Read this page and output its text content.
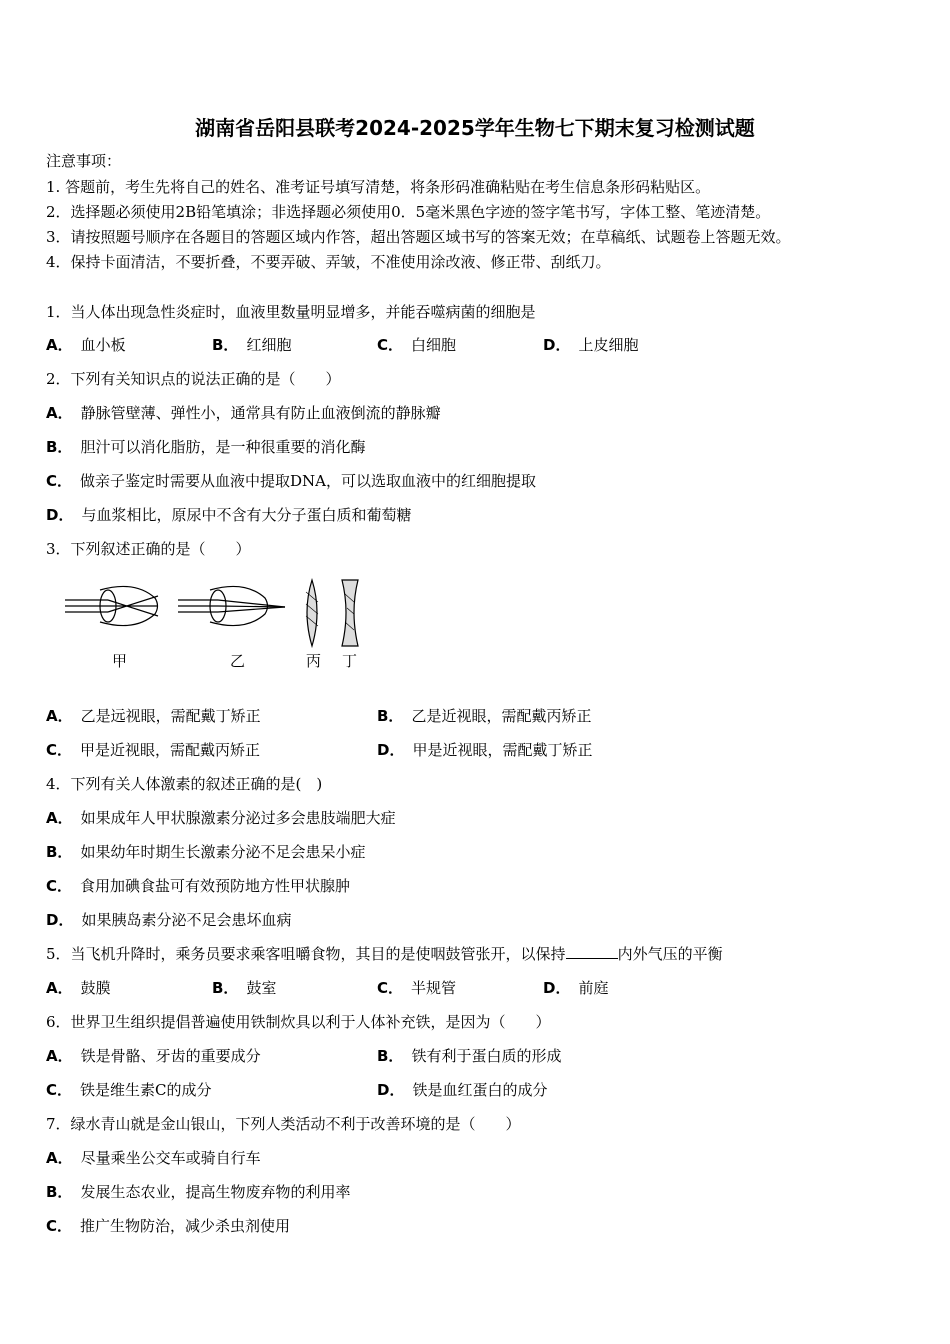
湖南省岳阳县联考2024-2025学年生物七下期末复习检测试题
注意事项：
1. 答题前，考生先将自己的姓名、准考证号填写清楚，将条形码准确粘贴在考生信息条形码粘贴区。
2．选择题必须使用2B铅笔填涂；非选择题必须使用0．5毫米黑色字迹的签字笔书写，字体工整、笔迹清楚。
3．请按照题号顺序在各题目的答题区域内作答，超出答题区域书写的答案无效；在草稿纸、试题卷上答题无效。
4．保持卡面清洁，不要折叠，不要弄破、弄皱，不准使用涂改液、修正带、刮纸刀。
1．当人体出现急性炎症时，血液里数量明显增多，并能吞噬病菌的细胞是
A． 血小板	B． 红细胞	C． 白细胞	D． 上皮细胞
2．下列有关知识点的说法正确的是（　　）
A． 静脉管壁薄、弹性小，通常具有防止血液倒流的静脉瓣
B． 胆汁可以消化脂肪，是一种很重要的消化酶
C． 做亲子鉴定时需要从血液中提取DNA，可以选取血液中的红细胞提取
D． 与血浆相比，原尿中不含有大分子蛋白质和葡萄糖
3．下列叙述正确的是（　　）
甲	乙	丙 丁
A． 乙是远视眼，需配戴丁矫正	B． 乙是近视眼，需配戴丙矫正
C． 甲是近视眼，需配戴丙矫正	D． 甲是近视眼，需配戴丁矫正
4．下列有关人体激素的叙述正确的是(　)
A． 如果成年人甲状腺激素分泌过多会患肢端肥大症
B． 如果幼年时期生长激素分泌不足会患呆小症
C． 食用加碘食盐可有效预防地方性甲状腺肿
D． 如果胰岛素分泌不足会患坏血病
5．当飞机升降时，乘务员要求乘客咀嚼食物，其目的是使咽鼓管张开，以保持	内外气压的平衡
A． 鼓膜	B． 鼓室	C． 半规管	D． 前庭
6．世界卫生组织提倡普遍使用铁制炊具以利于人体补充铁，是因为（　　）
A． 铁是骨骼、牙齿的重要成分	B． 铁有利于蛋白质的形成
C． 铁是维生素C的成分	D． 铁是血红蛋白的成分
7．绿水青山就是金山银山，下列人类活动不利于改善环境的是（　　）
A． 尽量乘坐公交车或骑自行车
B． 发展生态农业，提高生物废弃物的利用率
C． 推广生物防治，减少杀虫剂使用
